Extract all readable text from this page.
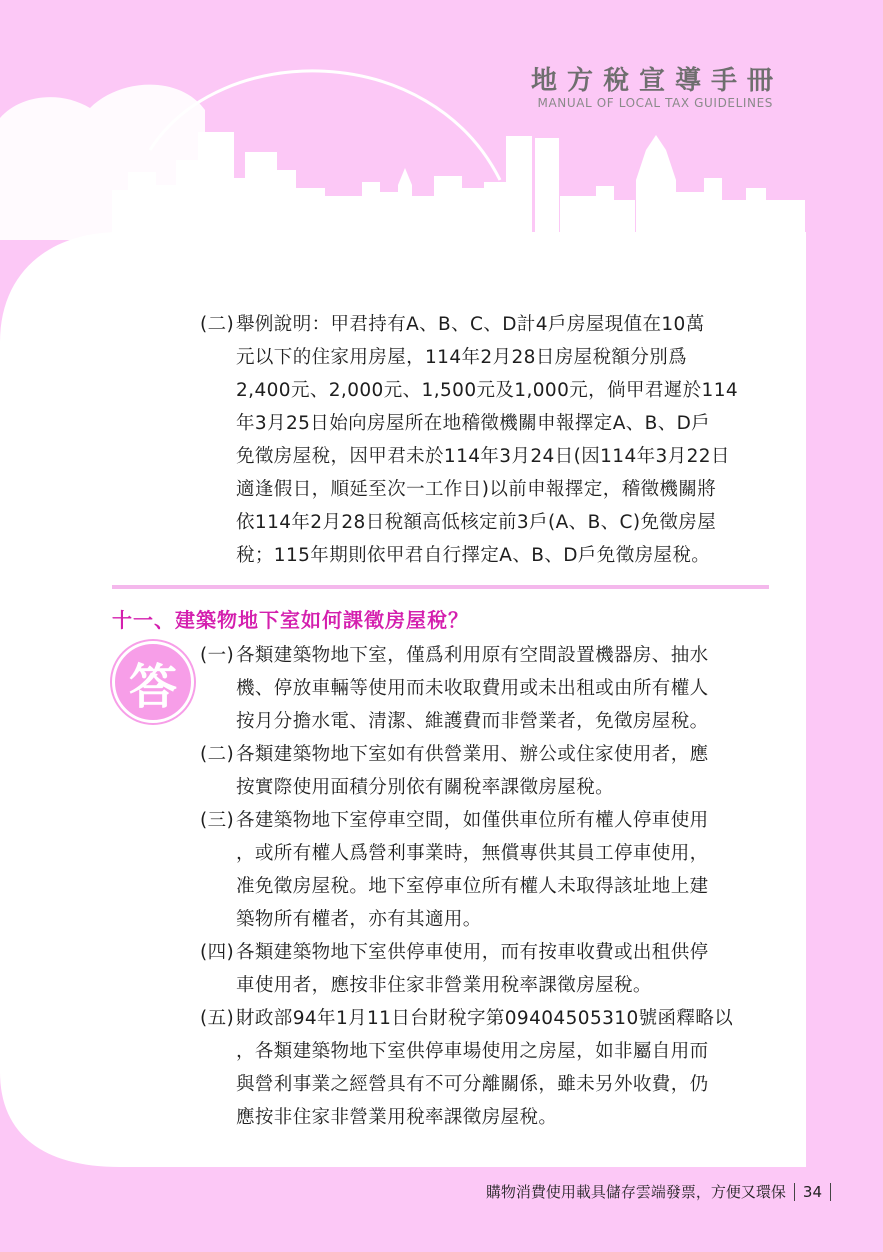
地方稅宣導手冊
MANUAL OF LOCAL TAX GUIDELINES
(二) 舉例說明：甲君持有A、B、C、D計4戶房屋現值在10萬
元以下的住家用房屋，114年2月28日房屋稅額分別爲
2,400元、2,000元、1,500元及1,000元，倘甲君遲於114
年3月25日始向房屋所在地稽徵機關申報擇定A、B、D戶
免徵房屋稅，因甲君未於114年3月24日(因114年3月22日
適逢假日，順延至次一工作日)以前申報擇定，稽徵機關將
依114年2月28日稅額高低核定前3戶(A、B、C)免徵房屋
稅；115年期則依甲君自行擇定A、B、D戶免徵房屋稅。
十一、建築物地下室如何課徵房屋稅？
答
(一) 各類建築物地下室，僅爲利用原有空間設置機器房、抽水
機、停放車輛等使用而未收取費用或未出租或由所有權人
按月分擔水電、清潔、維護費而非營業者，免徵房屋稅。
(二) 各類建築物地下室如有供營業用、辦公或住家使用者，應
按實際使用面積分別依有關稅率課徵房屋稅。
(三) 各建築物地下室停車空間，如僅供車位所有權人停車使用
，或所有權人爲營利事業時，無償專供其員工停車使用，
准免徵房屋稅。地下室停車位所有權人未取得該址地上建
築物所有權者，亦有其適用。
(四) 各類建築物地下室供停車使用，而有按車收費或出租供停
車使用者，應按非住家非營業用稅率課徵房屋稅。
(五) 財政部94年1月11日台財稅字第09404505310號函釋略以
，各類建築物地下室供停車場使用之房屋，如非屬自用而
與營利事業之經營具有不可分離關係，雖未另外收費，仍
應按非住家非營業用稅率課徵房屋稅。
購物消費使用載具儲存雲端發票，方便又環保 34
